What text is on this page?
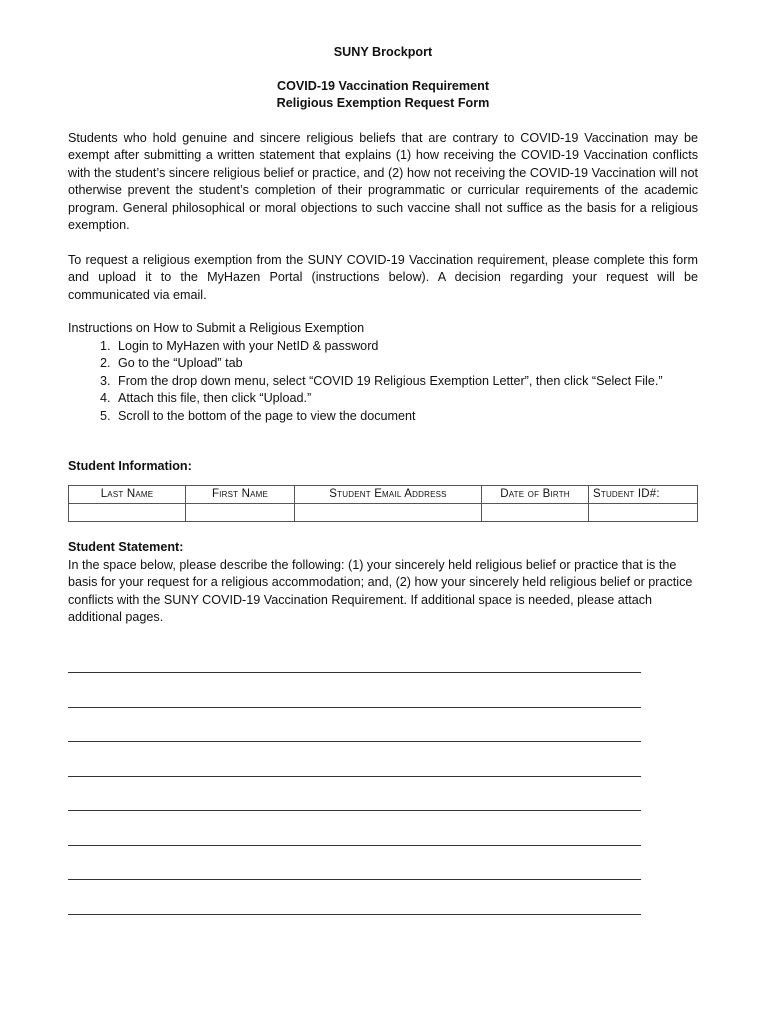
SUNY Brockport
COVID-19 Vaccination Requirement
Religious Exemption Request Form
Students who hold genuine and sincere religious beliefs that are contrary to COVID-19 Vaccination may be exempt after submitting a written statement that explains (1) how receiving the COVID-19 Vaccination conflicts with the student’s sincere religious belief or practice, and (2) how not receiving the COVID-19 Vaccination will not otherwise prevent the student’s completion of their programmatic or curricular requirements of the academic program. General philosophical or moral objections to such vaccine shall not suffice as the basis for a religious exemption.
To request a religious exemption from the SUNY COVID-19 Vaccination requirement, please complete this form and upload it to the MyHazen Portal (instructions below). A decision regarding your request will be communicated via email.
Instructions on How to Submit a Religious Exemption
1. Login to MyHazen with your NetID & password
2. Go to the “Upload” tab
3. From the drop down menu, select “COVID 19 Religious Exemption Letter”, then click “Select File.”
4. Attach this file, then click “Upload.”
5. Scroll to the bottom of the page to view the document
Student Information:
Last Name	First Name	Student Email Address	Date of Birth	Student ID#:

Student Statement:

In the space below, please describe the following: (1) your sincerely held religious belief or practice that is the basis for your request for a religious accommodation; and, (2) how your sincerely held religious belief or practice conflicts with the SUNY COVID-19 Vaccination Requirement. If additional space is needed, please attach additional pages.
